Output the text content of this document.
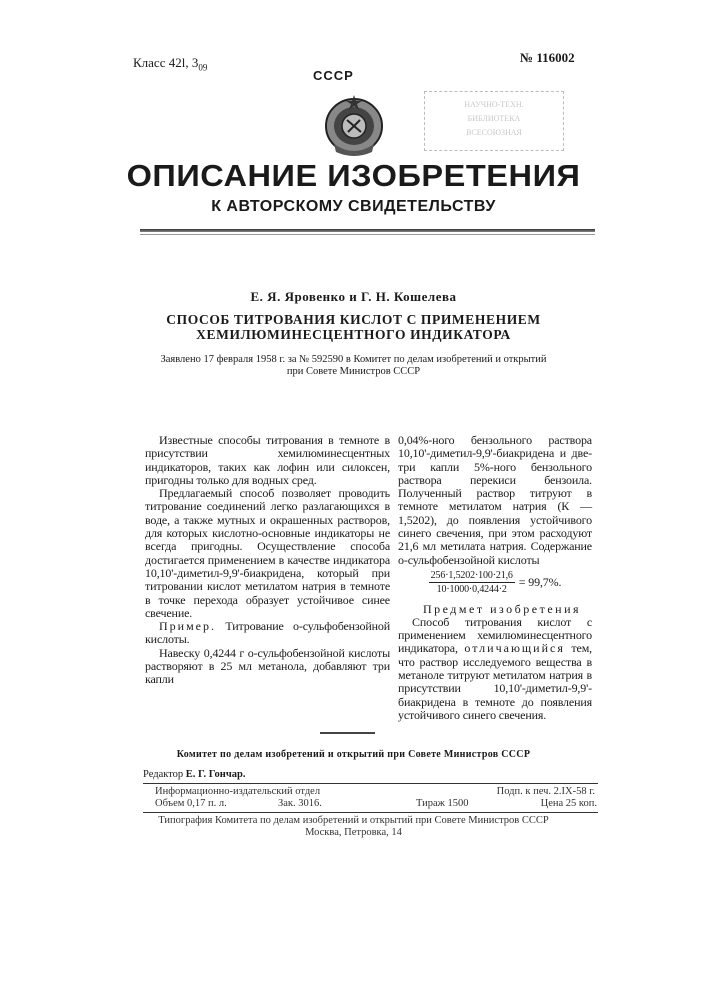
Класс 42l, 309
№ 116002
СССР
НАУЧНО-ТЕХН.
БИБЛИОТЕКА
ВСЕСОЮЗНАЯ
ОПИСАНИЕ ИЗОБРЕТЕНИЯ
К АВТОРСКОМУ СВИДЕТЕЛЬСТВУ
Е. Я. Яровенко и Г. Н. Кошелева
СПОСОБ ТИТРОВАНИЯ КИСЛОТ С ПРИМЕНЕНИЕМ
ХЕМИЛЮМИНЕСЦЕНТНОГО ИНДИКАТОРА
Заявлено 17 февраля 1958 г. за № 592590 в Комитет по делам изобретений и открытий
при Совете Министров СССР

Известные способы титрования в темноте в присутствии хемилюминесцентных индикаторов, таких как лофин или силоксен, пригодны только для водных сред.

Предлагаемый способ позволяет проводить титрование соединений легко разлагающихся в воде, а также мутных и окрашенных растворов, для которых кислотно-основные индикаторы не всегда пригодны. Осуществление способа достигается применением в качестве индикатора 10,10'-диметил-9,9'-биакридена, который при титровании кислот метилатом натрия в темноте в точке перехода образует устойчивое синее свечение.

Пример. Титрование о-сульфобензойной кислоты.

Навеску 0,4244 г о-сульфобензойной кислоты растворяют в 25 мл метанола, добавляют три капли

0,04%-ного бензольного раствора 10,10'-диметил-9,9'-биакридена и две-три капли 5%-ного бензольного раствора перекиси бензоила. Полученный раствор титруют в темноте метилатом натрия (К — 1,5202), до появления устойчивого синего свечения, при этом расходуют 21,6 мл метилата натрия. Содержание о-сульфобензойной кислоты

256·1,5202·100·21,6
10·1000·0,4244·2
= 99,7%.

Предмет изобретения

Способ титрования кислот с применением хемилюминесцентного индикатора, отличающийся тем, что раствор исследуемого вещества в метаноле титруют метилатом натрия в присутствии 10,10'-диметил-9,9'-биакридена в темноте до появления устойчивого синего свечения.

Комитет по делам изобретений и открытий при Совете Министров СССР
Редактор Е. Г. Гончар.
Информационно-издательский отдел
Объем 0,17 п. л.	Зак. 3016.
Подп. к печ. 2.IX-58 г.
Тираж 1500	Цена 25 коп.
Типография Комитета по делам изобретений и открытий при Совете Министров СССР
Москва, Петровка, 14
